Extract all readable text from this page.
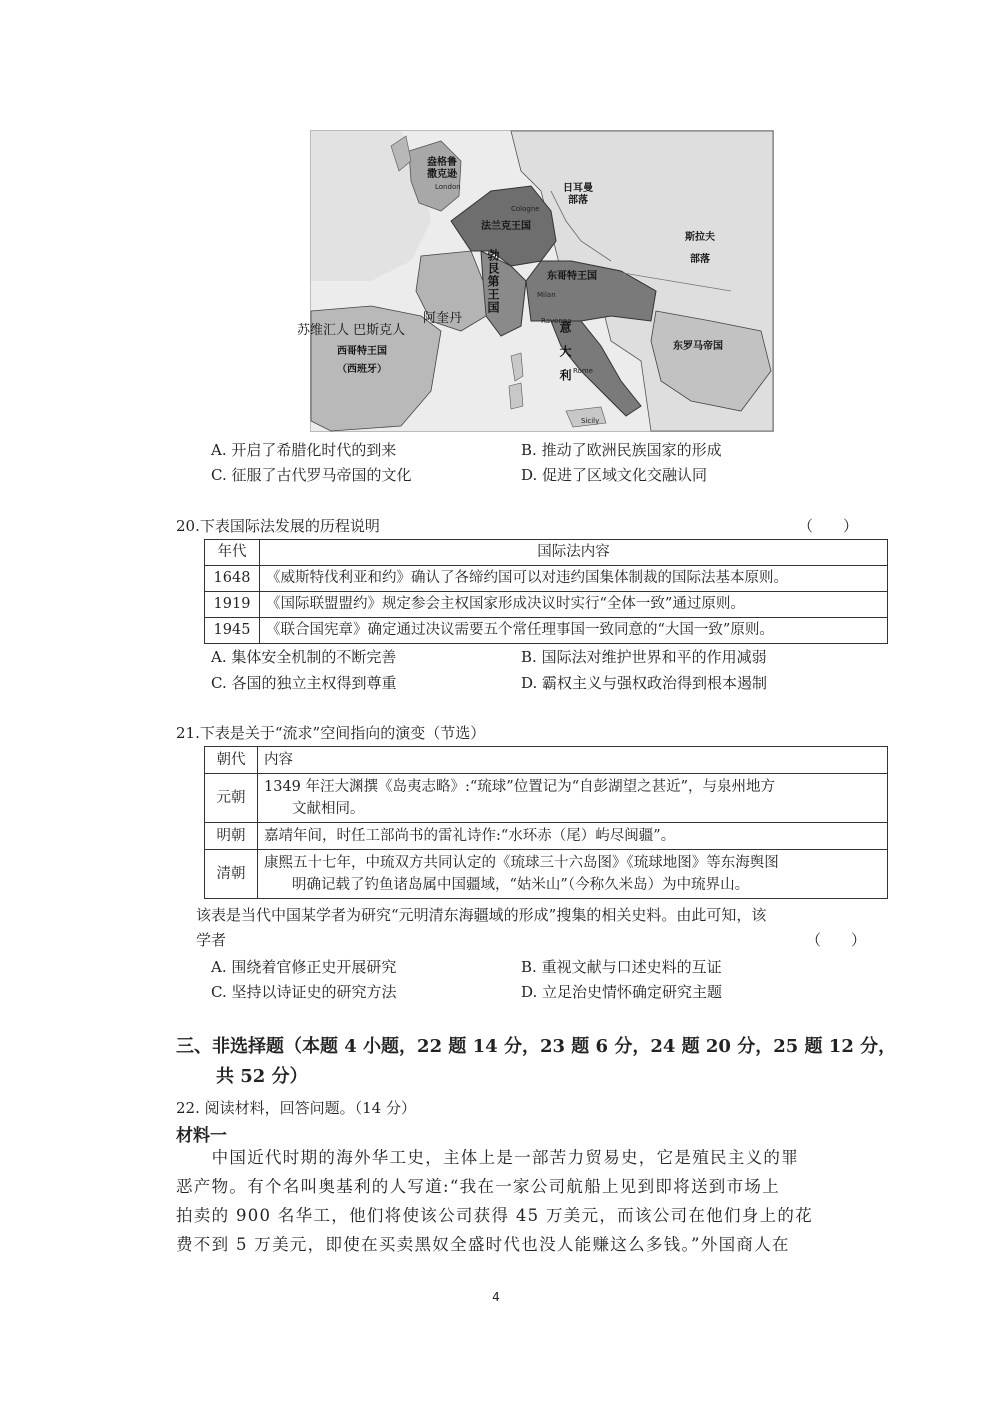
盎格鲁
撒克逊
London	日耳曼
部落
斯拉夫
部落
法兰克王国
Cologne
勃艮第王国
阿奎丹
苏维汇人 巴斯克人
东哥特王国
Milan
Ravenna
Rome
意大利
西哥特王国
（西班牙）
东罗马帝国
Sicily
A. 开启了希腊化时代的到来	B. 推动了欧洲民族国家的形成
C. 征服了古代罗马帝国的文化	D. 促进了区域文化交融认同
20.下表国际法发展的历程说明	（　　）
年代	国际法内容
1648	《威斯特伐利亚和约》确认了各缔约国可以对违约国集体制裁的国际法基本原则。
1919	《国际联盟盟约》规定参会主权国家形成决议时实行“全体一致”通过原则。
1945	《联合国宪章》确定通过决议需要五个常任理事国一致同意的“大国一致”原则。
A. 集体安全机制的不断完善	B. 国际法对维护世界和平的作用减弱
C. 各国的独立主权得到尊重	D. 霸权主义与强权政治得到根本遏制
21.下表是关于“流求”空间指向的演变（节选）
朝代	内容
元朝	1349 年汪大渊撰《岛夷志略》:“琉球”位置记为“自彭湖望之甚近”，与泉州地方
文献相同。

明朝	嘉靖年间，时任工部尚书的雷礼诗作:“水环赤（尾）屿尽闽疆”。
清朝	康熙五十七年，中琉双方共同认定的《琉球三十六岛图》《琉球地图》等东海舆图
明确记载了钓鱼诸岛属中国疆域，“姑米山”（今称久米岛）为中琉界山。
该表是当代中国某学者为研究“元明清东海疆域的形成”搜集的相关史料。由此可知，该
学者	（　　）
A. 围绕着官修正史开展研究	B. 重视文献与口述史料的互证
C. 坚持以诗证史的研究方法	D. 立足治史情怀确定研究主题
三、非选择题（本题 4 小题，22 题 14 分，23 题 6 分，24 题 20 分，25 题 12 分，
共 52 分）
22. 阅读材料，回答问题。（14 分）
材料一
　　中国近代时期的海外华工史，主体上是一部苦力贸易史，它是殖民主义的罪
恶产物。有个名叫奥基利的人写道:“我在一家公司航船上见到即将送到市场上
拍卖的 900 名华工，他们将使该公司获得 45 万美元，而该公司在他们身上的花
费不到 5 万美元，即使在买卖黑奴全盛时代也没人能赚这么多钱。”外国商人在
4
